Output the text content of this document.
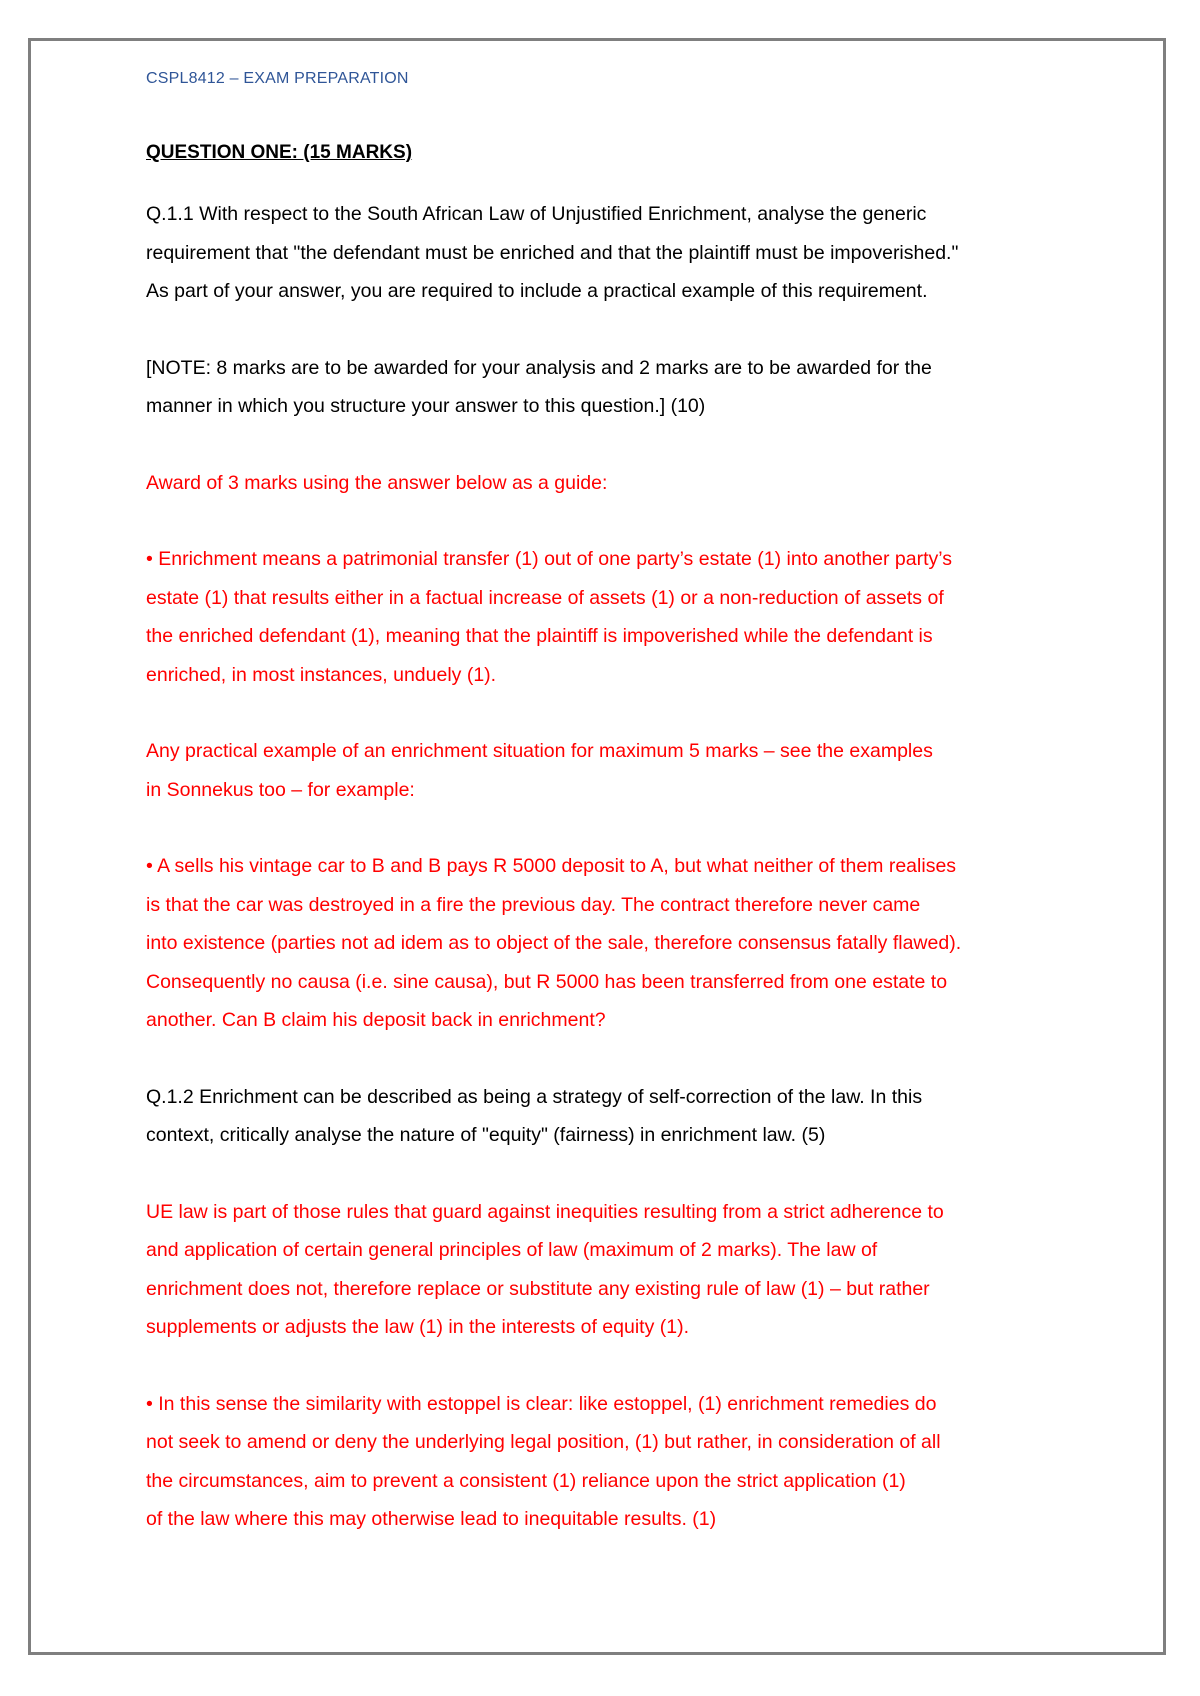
CSPL8412 – EXAM PREPARATION
QUESTION ONE: (15 MARKS)
Q.1.1 With respect to the South African Law of Unjustified Enrichment, analyse the generic
requirement that "the defendant must be enriched and that the plaintiff must be impoverished."
As part of your answer, you are required to include a practical example of this requirement.
[NOTE: 8 marks are to be awarded for your analysis and 2 marks are to be awarded for the
manner in which you structure your answer to this question.] (10)
Award of 3 marks using the answer below as a guide:
• Enrichment means a patrimonial transfer (1) out of one party’s estate (1) into another party’s
estate (1) that results either in a factual increase of assets (1) or a non-reduction of assets of
the enriched defendant (1), meaning that the plaintiff is impoverished while the defendant is
enriched, in most instances, unduely (1).
Any practical example of an enrichment situation for maximum 5 marks – see the examples
in Sonnekus too – for example:
• A sells his vintage car to B and B pays R 5000 deposit to A, but what neither of them realises
is that the car was destroyed in a fire the previous day. The contract therefore never came
into existence (parties not ad idem as to object of the sale, therefore consensus fatally flawed).
Consequently no causa (i.e. sine causa), but R 5000 has been transferred from one estate to
another. Can B claim his deposit back in enrichment?
Q.1.2 Enrichment can be described as being a strategy of self-correction of the law. In this
context, critically analyse the nature of "equity" (fairness) in enrichment law. (5)
UE law is part of those rules that guard against inequities resulting from a strict adherence to
and application of certain general principles of law (maximum of 2 marks). The law of
enrichment does not, therefore replace or substitute any existing rule of law (1) – but rather
supplements or adjusts the law (1) in the interests of equity (1).
• In this sense the similarity with estoppel is clear: like estoppel, (1) enrichment remedies do
not seek to amend or deny the underlying legal position, (1) but rather, in consideration of all
the circumstances, aim to prevent a consistent (1) reliance upon the strict application (1)
of the law where this may otherwise lead to inequitable results. (1)
